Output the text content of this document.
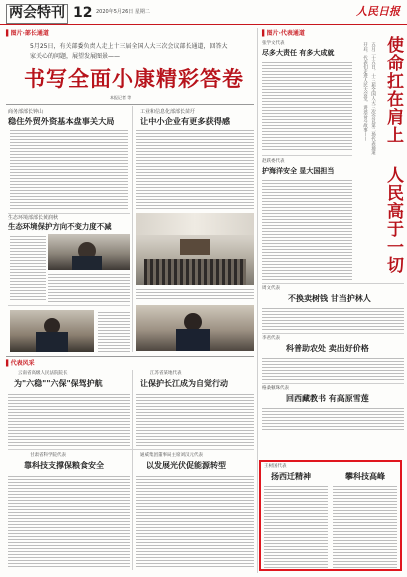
两会特刊 12 2020年5月26日 星期二	人民日报
▌图片·部长通道	▌图片·代表通道
5月25日，有关部委负责人走上十三届全国人大三次会议部长通道，回答大家关心的问题，展望发展图景——
书写全面小康精彩答卷
本报记者 等
商务部部长钟山
稳住外贸外资基本盘事关大局
生态环境部部长黄润秋
生态环境保护方向不变力度不减
工业和信息化部部长苗圩
让中小企业有更多获得感
▌代表风采
云南省高级人民法院院长
为"六稳""六保"保驾护航
江苏省某地代表
让保护长江成为自觉行动
甘肃省科学院代表
靠科技支撑保粮食安全
通威集团董事局主席刘汉元代表
以发展光伏促能源转型
张学文代表
尽多大责任 有多大成就	使命扛在肩上
人民高于一切
五月二十五日，十三届全国人大三次会议第二场代表通道
开启，代表们走进人民大会堂，讲述奋斗故事——
赵跃委代表
护海洋安全 显大国担当
周文代表
不换卖树钱 甘当护林人
李君代表
科普助农处 卖出好价格
格桑顿珠代表
回西藏教书 有高原雪莲
王树国代表
扬西迁精神	攀科技高峰
